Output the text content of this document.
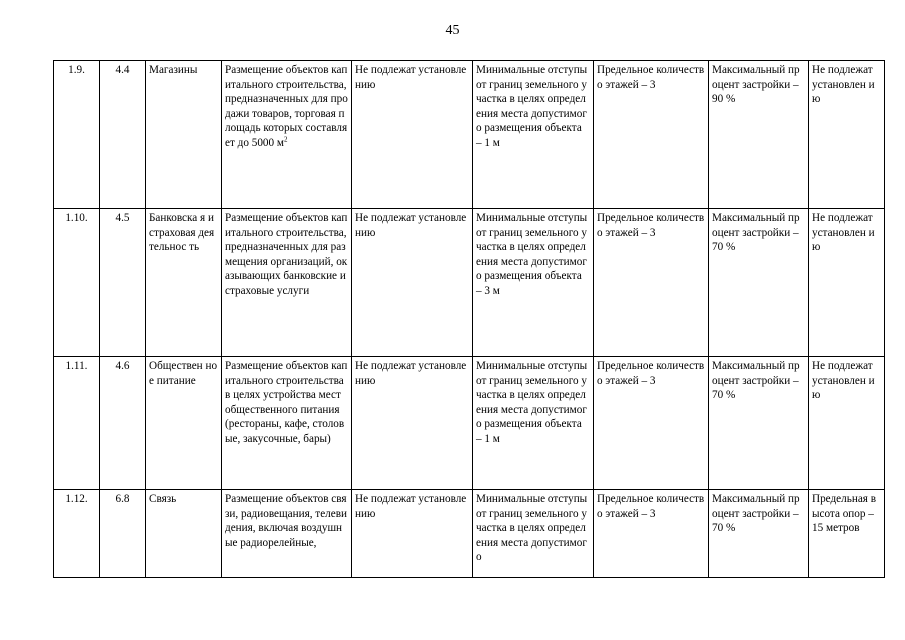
45
1.9.	4.4	Магазины	Размещение объектов капитального строительства, предназначенных для продажи товаров, торговая площадь которых составляет до 5000 $м^2$	Не подлежат установлению	Минимальные отступы от границ земельного участка в целях определения места допустимого размещения объекта – 1 м	Предельное количество этажей – 3	Максимальный процент застройки – 90 %	Не подлежат установлен ию
1.10.	4.5	Банковска я и страховая деятельнос ть	Размещение объектов капитального строительства, предназначенных для размещения организаций, оказывающих банковские и страховые услуги	Не подлежат установлению	Минимальные отступы от границ земельного участка в целях определения места допустимого размещения объекта – 3 м	Предельное количество этажей – 3	Максимальный процент застройки – 70 %	Не подлежат установлен ию
1.11.	4.6	Обществен ное питание	Размещение объектов капитального строительства в целях устройства мест общественного питания (рестораны, кафе, столовые, закусочные, бары)	Не подлежат установлению	Минимальные отступы от границ земельного участка в целях определения места допустимого размещения объекта – 1 м	Предельное количество этажей – 3	Максимальный процент застройки – 70 %	Не подлежат установлен ию
1.12.	6.8	Связь	Размещение объектов связи, радиовещания, телевидения, включая воздушные радиорелейные,	Не подлежат установлению	Минимальные отступы от границ земельного участка в целях определения места допустимого	Предельное количество этажей – 3	Максимальный процент застройки – 70 %	Предельная высота опор – 15 метров
